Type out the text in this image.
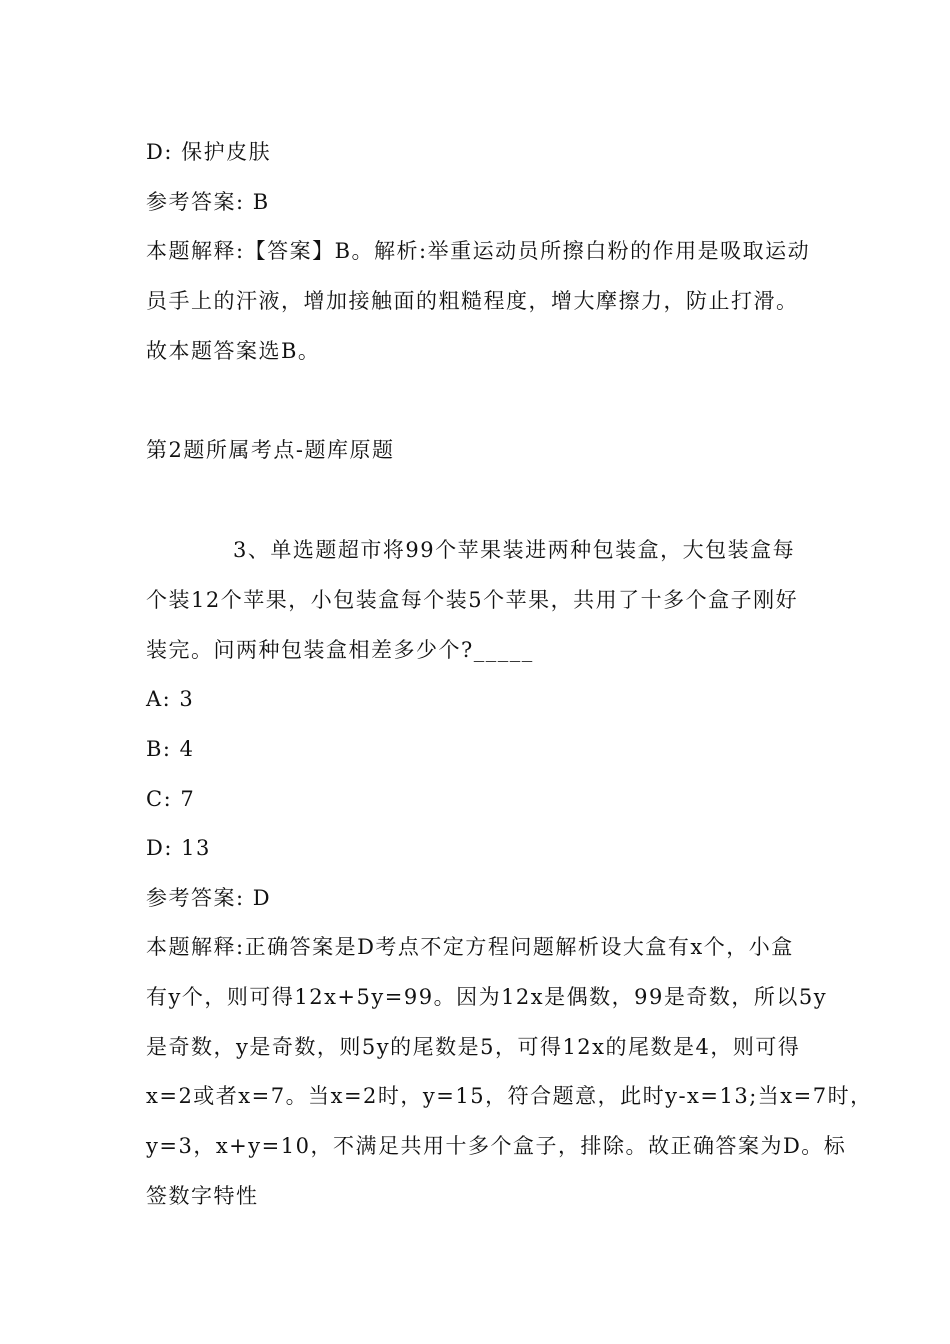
D: 保护皮肤
参考答案: B
本题解释:【答案】B。解析:举重运动员所擦白粉的作用是吸取运动
员手上的汗液，增加接触面的粗糙程度，增大摩擦力，防止打滑。
故本题答案选B。
第2题所属考点-题库原题
3、单选题超市将99个苹果装进两种包装盒，大包装盒每
个装12个苹果，小包装盒每个装5个苹果，共用了十多个盒子刚好
装完。问两种包装盒相差多少个?_____
A: 3
B: 4
C: 7
D: 13
参考答案: D
本题解释:正确答案是D考点不定方程问题解析设大盒有x个，小盒
有y个，则可得12x+5y=99。因为12x是偶数，99是奇数，所以5y
是奇数，y是奇数，则5y的尾数是5，可得12x的尾数是4，则可得
x=2或者x=7。当x=2时，y=15，符合题意，此时y-x=13;当x=7时，
y=3，x+y=10，不满足共用十多个盒子，排除。故正确答案为D。标
签数字特性
